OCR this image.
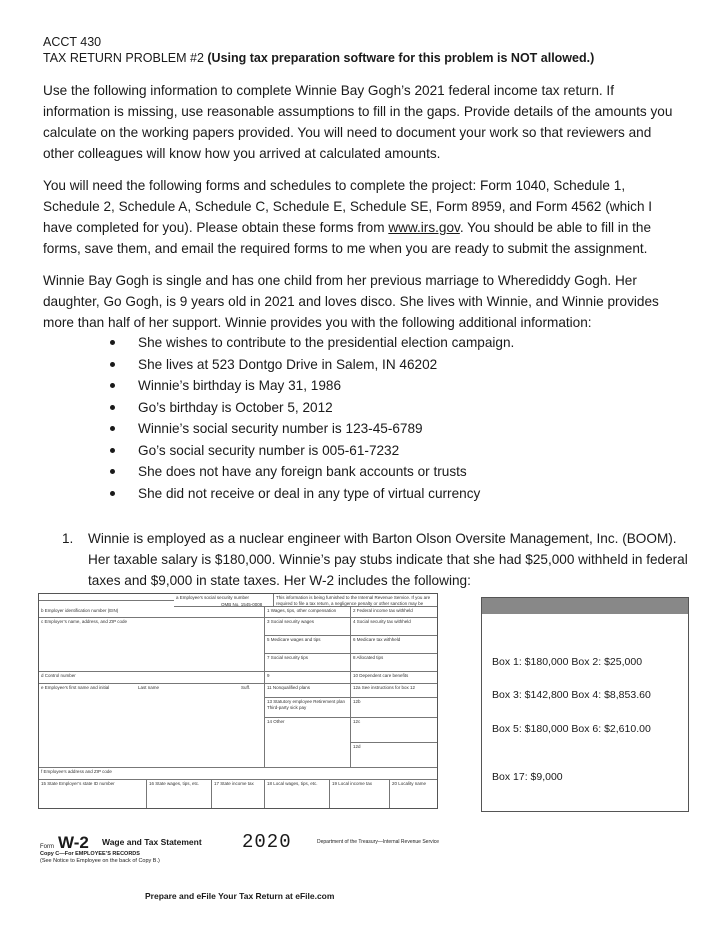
ACCT 430
TAX RETURN PROBLEM #2 (Using tax preparation software for this problem is NOT allowed.)
Use the following information to complete Winnie Bay Gogh’s 2021 federal income tax return. If information is missing, use reasonable assumptions to fill in the gaps. Provide details of the amounts you calculate on the working papers provided. You will need to document your work so that reviewers and other colleagues will know how you arrived at calculated amounts.
You will need the following forms and schedules to complete the project: Form 1040, Schedule 1, Schedule 2, Schedule A, Schedule C, Schedule E, Schedule SE, Form 8959, and Form 4562 (which I have completed for you). Please obtain these forms from www.irs.gov. You should be able to fill in the forms, save them, and email the required forms to me when you are ready to submit the assignment.
Winnie Bay Gogh is single and has one child from her previous marriage to Wherediddy Gogh. Her daughter, Go Gogh, is 9 years old in 2021 and loves disco. She lives with Winnie, and Winnie provides more than half of her support. Winnie provides you with the following additional information:
She wishes to contribute to the presidential election campaign.
She lives at 523 Dontgo Drive in Salem, IN 46202
Winnie’s birthday is May 31, 1986
Go’s birthday is October 5, 2012
Winnie’s social security number is 123-45-6789
Go’s social security number is 005-61-7232
She does not have any foreign bank accounts or trusts
She did not receive or deal in any type of virtual currency
1. Winnie is employed as a nuclear engineer with Barton Olson Oversite Management, Inc. (BOOM). Her taxable salary is $180,000. Winnie’s pay stubs indicate that she had $25,000 withheld in federal taxes and $9,000 in state taxes. Her W-2 includes the following:
a Employee’s social security number	This information is being furnished to the Internal Revenue Service. If you are required to file a tax return, a negligence penalty or other sanction may be
OMB No. 1545-0008
b Employer identification number (EIN)	1 Wages, tips, other compensation	2 Federal income tax withheld
c Employer’s name, address, and ZIP code	3 Social security wages	4 Social security tax withheld
5 Medicare wages and tips	6 Medicare tax withheld
7 Social security tips	8 Allocated tips
d Control number	9	10 Dependent care benefits
e Employee’s first name and initial	Last name	Suff.	11 Nonqualified plans	12a See instructions for box 12
13 Statutory employee Retirement plan Third-party sick pay
12b
14 Other	12c
12d
f Employee’s address and ZIP code
15 State Employer’s state ID number	16 State wages, tips, etc.	17 State income tax	18 Local wages, tips, etc.	19 Local income tax	20 Locality name
Form W-2 Wage and Tax Statement
Copy C—For EMPLOYEE’S RECORDS
(See Notice to Employee on the back of Copy B.)
2020	Department of the Treasury—Internal Revenue Service
Prepare and eFile Your Tax Return at eFile.com
Box 1: $180,000 Box 2: $25,000
Box 3: $142,800 Box 4: $8,853.60
Box 5: $180,000 Box 6: $2,610.00
Box 17: $9,000
